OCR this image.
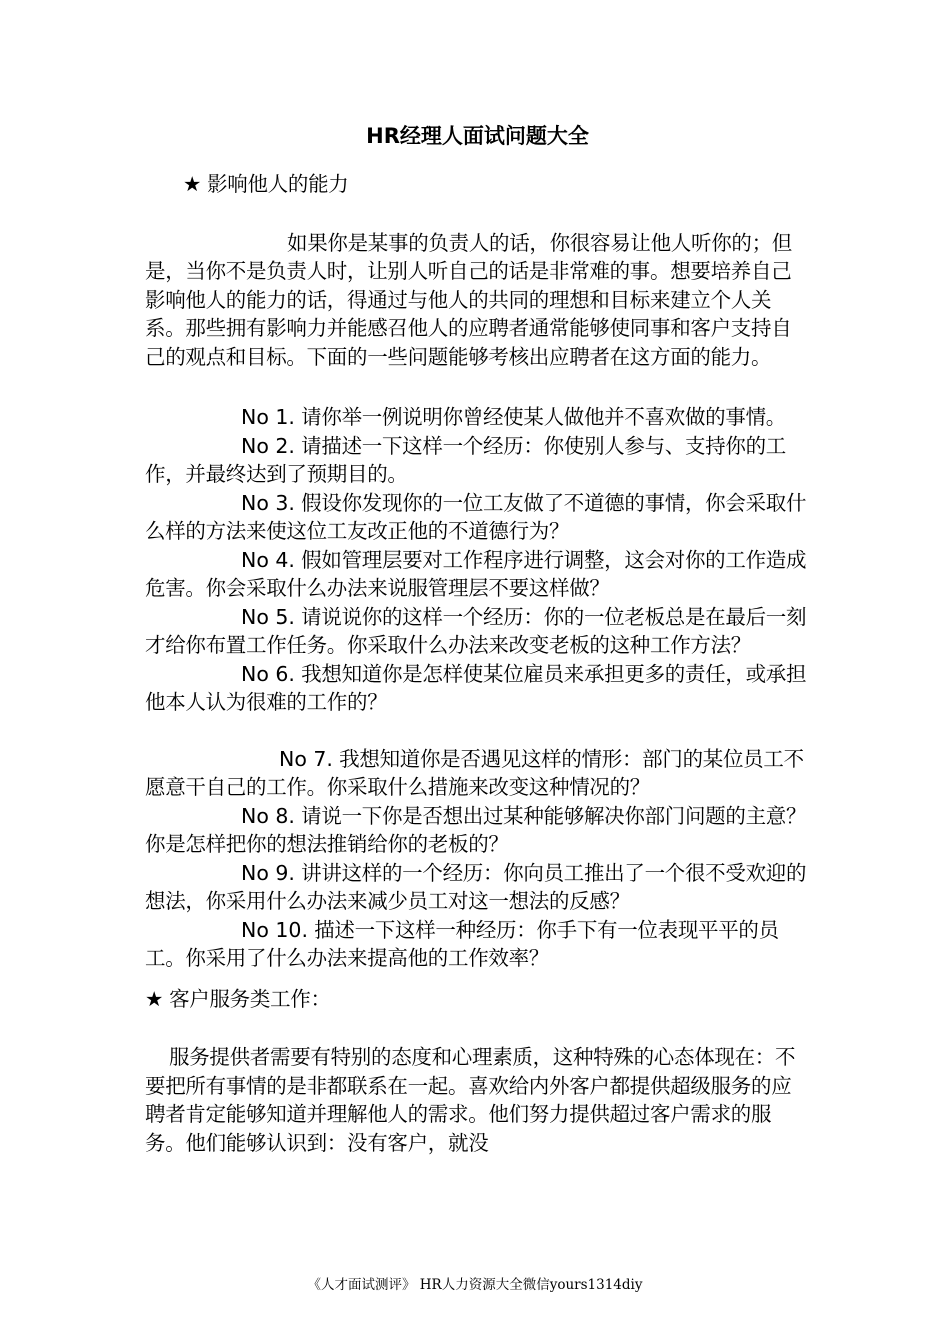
HR经理人面试问题大全

★ 影响他人的能力

如果你是某事的负责人的话，你很容易让他人听你的；但是，当你不是负责人时，让别人听自己的话是非常难的事。想要培养自己影响他人的能力的话，得通过与他人的共同的理想和目标来建立个人关系。那些拥有影响力并能感召他人的应聘者通常能够使同事和客户支持自己的观点和目标。下面的一些问题能够考核出应聘者在这方面的能力。

No 1. 请你举一例说明你曾经使某人做他并不喜欢做的事情。

No 2. 请描述一下这样一个经历：你使别人参与、支持你的工作，并最终达到了预期目的。

No 3. 假设你发现你的一位工友做了不道德的事情，你会采取什么样的方法来使这位工友改正他的不道德行为？

No 4. 假如管理层要对工作程序进行调整，这会对你的工作造成危害。你会采取什么办法来说服管理层不要这样做？

No 5. 请说说你的这样一个经历：你的一位老板总是在最后一刻才给你布置工作任务。你采取什么办法来改变老板的这种工作方法？

No 6. 我想知道你是怎样使某位雇员来承担更多的责任，或承担他本人认为很难的工作的？

No 7. 我想知道你是否遇见这样的情形：部门的某位员工不愿意干自己的工作。你采取什么措施来改变这种情况的？

No 8. 请说一下你是否想出过某种能够解决你部门问题的主意？你是怎样把你的想法推销给你的老板的？

No 9. 讲讲这样的一个经历：你向员工推出了一个很不受欢迎的想法，你采用什么办法来减少员工对这一想法的反感？

No 10. 描述一下这样一种经历：你手下有一位表现平平的员工。你采用了什么办法来提高他的工作效率？

★ 客户服务类工作：

服务提供者需要有特别的态度和心理素质，这种特殊的心态体现在：不要把所有事情的是非都联系在一起。喜欢给内外客户都提供超级服务的应聘者肯定能够知道并理解他人的需求。他们努力提供超过客户需求的服务。他们能够认识到：没有客户，就没

《人才面试测评》 HR人力资源大全微信yours1314diy
